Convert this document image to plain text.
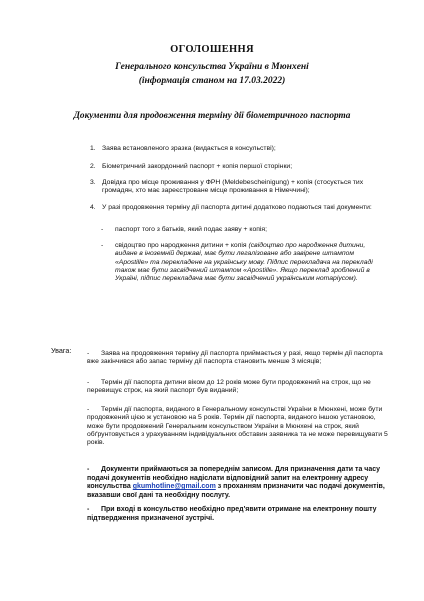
ОГОЛОШЕННЯ
Генерального консульства України в Мюнхені
(інформація станом на 17.03.2022)
Документи для продовження терміну дії біометричного паспорта
1. Заява встановленого зразка (видається в консульстві);
2. Біометричний закордонний паспорт + копія першої сторінки;
3. Довідка про місце проживання у ФРН (Meldebescheinigung) + копія (стосується тих громадян, хто має зареєстроване місце проживання в Німеччині);
4. У разі продовження терміну дії паспорта дитині додатково подаються такі документи:
- паспорт того з батьків, який подає заяву + копія;
- свідоцтво про народження дитини + копія (свідоцтво про народження дитини, видане в іноземній державі, має бути легалізоване або завірене штампом «Apostille» та перекладене на українську мову. Підпис перекладача на перекладі також має бути засвідчений штампом «Apostille». Якщо переклад зроблений в Україні, підпис перекладача має бути засвідчений українським нотаріусом).
Увага: -	Заява на продовження терміну дії паспорта приймається у разі, якщо термін дії паспорта вже закінчився або запас терміну дії паспорта становить менше 3 місяців;
-	Термін дії паспорта дитини віком до 12 років може бути продовжений на строк, що не перевищує строк, на який паспорт був виданий;
-	Термін дії паспорта, виданого в Генеральному консульстві України в Мюнхені, може бути продовжений цією ж установою на 5 років. Термін дії паспорта, виданого іншою установою, може бути продовжений Генеральним консульством України в Мюнхені на строк, який обґрунтовується з урахуванням індивідуальних обставин заявника та не може перевищувати 5 років.
-	Документи приймаються за попереднім записом. Для призначення дати та часу подачі документів необхідно надіслати відповідний запит на електронну адресу консульства gkumhotline@gmail.com з проханням призначити час подачі документів, вказавши свої дані та необхідну послугу.
-	При вході в консульство необхідно пред'явити отримане на електронну пошту підтвердження призначеної зустрічі.
